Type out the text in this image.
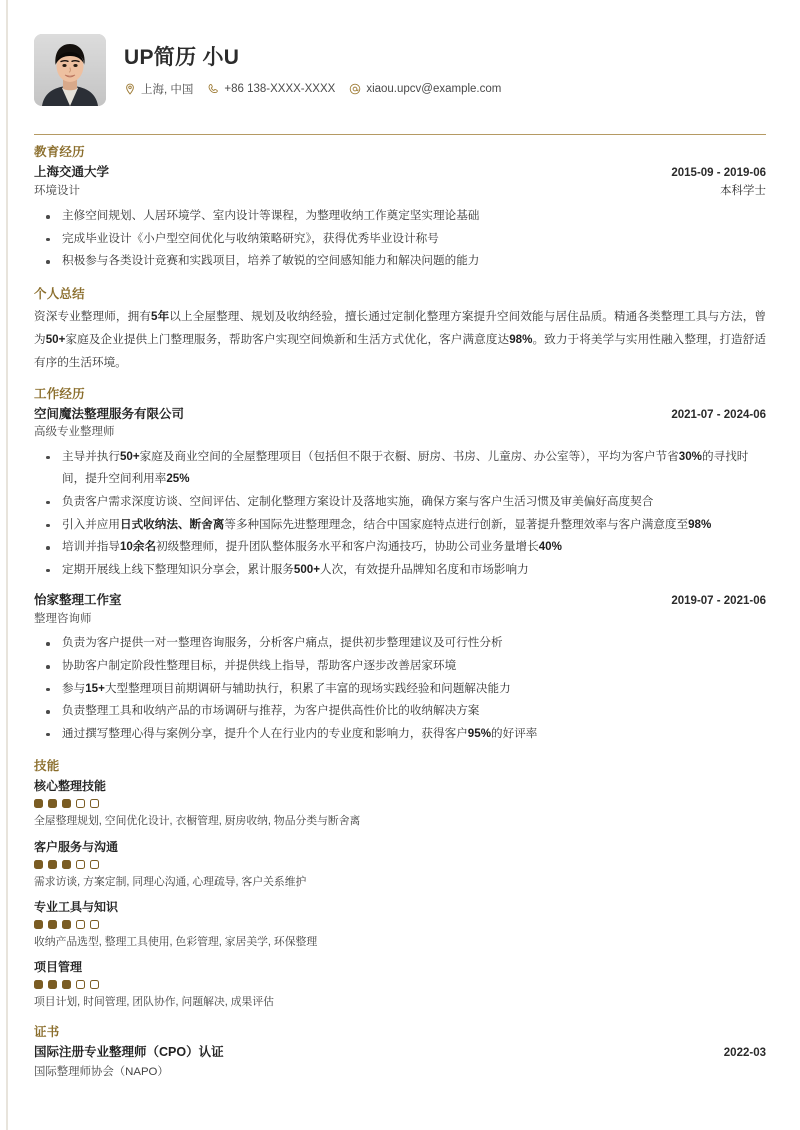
UP简历 小U
上海, 中国	+86 138-XXXX-XXXX	xiaou.upcv@example.com
教育经历
上海交通大学	2015-09 - 2019-06
环境设计	本科学士
主修空间规划、人居环境学、室内设计等课程，为整理收纳工作奠定坚实理论基础
完成毕业设计《小户型空间优化与收纳策略研究》，获得优秀毕业设计称号
积极参与各类设计竞赛和实践项目，培养了敏锐的空间感知能力和解决问题的能力
个人总结
资深专业整理师，拥有5年以上全屋整理、规划及收纳经验，擅长通过定制化整理方案提升空间效能与居住品质。精通各类整理工具与方法，曾为50+家庭及企业提供上门整理服务，帮助客户实现空间焕新和生活方式优化，客户满意度达98%。致力于将美学与实用性融入整理，打造舒适有序的生活环境。
工作经历
空间魔法整理服务有限公司	2021-07 - 2024-06
高级专业整理师
主导并执行50+家庭及商业空间的全屋整理项目（包括但不限于衣橱、厨房、书房、儿童房、办公室等），平均为客户节省30%的寻找时间，提升空间利用率25%
负责客户需求深度访谈、空间评估、定制化整理方案设计及落地实施，确保方案与客户生活习惯及审美偏好高度契合
引入并应用日式收纳法、断舍离等多种国际先进整理理念，结合中国家庭特点进行创新，显著提升整理效率与客户满意度至98%
培训并指导10余名初级整理师，提升团队整体服务水平和客户沟通技巧，协助公司业务量增长40%
定期开展线上线下整理知识分享会，累计服务500+人次，有效提升品牌知名度和市场影响力
怡家整理工作室	2019-07 - 2021-06
整理咨询师
负责为客户提供一对一整理咨询服务，分析客户痛点，提供初步整理建议及可行性分析
协助客户制定阶段性整理目标，并提供线上指导，帮助客户逐步改善居家环境
参与15+大型整理项目前期调研与辅助执行，积累了丰富的现场实践经验和问题解决能力
负责整理工具和收纳产品的市场调研与推荐，为客户提供高性价比的收纳解决方案
通过撰写整理心得与案例分享，提升个人在行业内的专业度和影响力，获得客户95%的好评率
技能
核心整理技能
全屋整理规划, 空间优化设计, 衣橱管理, 厨房收纳, 物品分类与断舍离
客户服务与沟通
需求访谈, 方案定制, 同理心沟通, 心理疏导, 客户关系维护
专业工具与知识
收纳产品选型, 整理工具使用, 色彩管理, 家居美学, 环保整理
项目管理
项目计划, 时间管理, 团队协作, 问题解决, 成果评估
证书
国际注册专业整理师（CPO）认证	2022-03
国际整理师协会（NAPO）
